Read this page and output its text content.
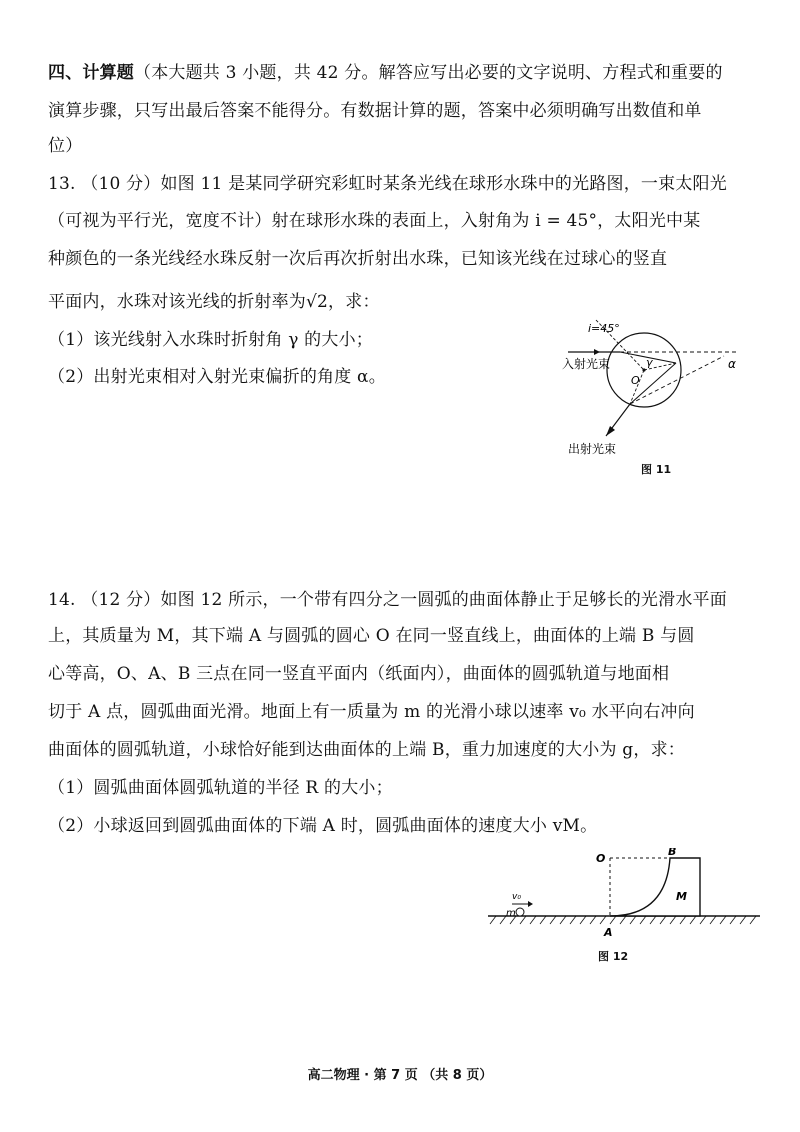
四、计算题（本大题共 3 小题，共 42 分。解答应写出必要的文字说明、方程式和重要的
演算步骤，只写出最后答案不能得分。有数据计算的题，答案中必须明确写出数值和单
位）
13. （10 分）如图 11 是某同学研究彩虹时某条光线在球形水珠中的光路图，一束太阳光
（可视为平行光，宽度不计）射在球形水珠的表面上，入射角为 i = 45°，太阳光中某
种颜色的一条光线经水珠反射一次后再次折射出水珠，已知该光线在过球心的竖直
平面内，水珠对该光线的折射率为√2，求：
（1）该光线射入水珠时折射角 γ 的大小；
（2）出射光束相对入射光束偏折的角度 α。
i=45°
入射光束
O
γ	α
出射光束
图 11
14. （12 分）如图 12 所示，一个带有四分之一圆弧的曲面体静止于足够长的光滑水平面
上，其质量为 M，其下端 A 与圆弧的圆心 O 在同一竖直线上，曲面体的上端 B 与圆
心等高，O、A、B 三点在同一竖直平面内（纸面内），曲面体的圆弧轨道与地面相
切于 A 点，圆弧曲面光滑。地面上有一质量为 m 的光滑小球以速率 v₀ 水平向右冲向
曲面体的圆弧轨道，小球恰好能到达曲面体的上端 B，重力加速度的大小为 g，求：
（1）圆弧曲面体圆弧轨道的半径 R 的大小；
（2）小球返回到圆弧曲面体的下端 A 时，圆弧曲面体的速度大小 vM。
O
B
M
A
v₀
m
图 12
高二物理 · 第 7 页 （共 8 页）
